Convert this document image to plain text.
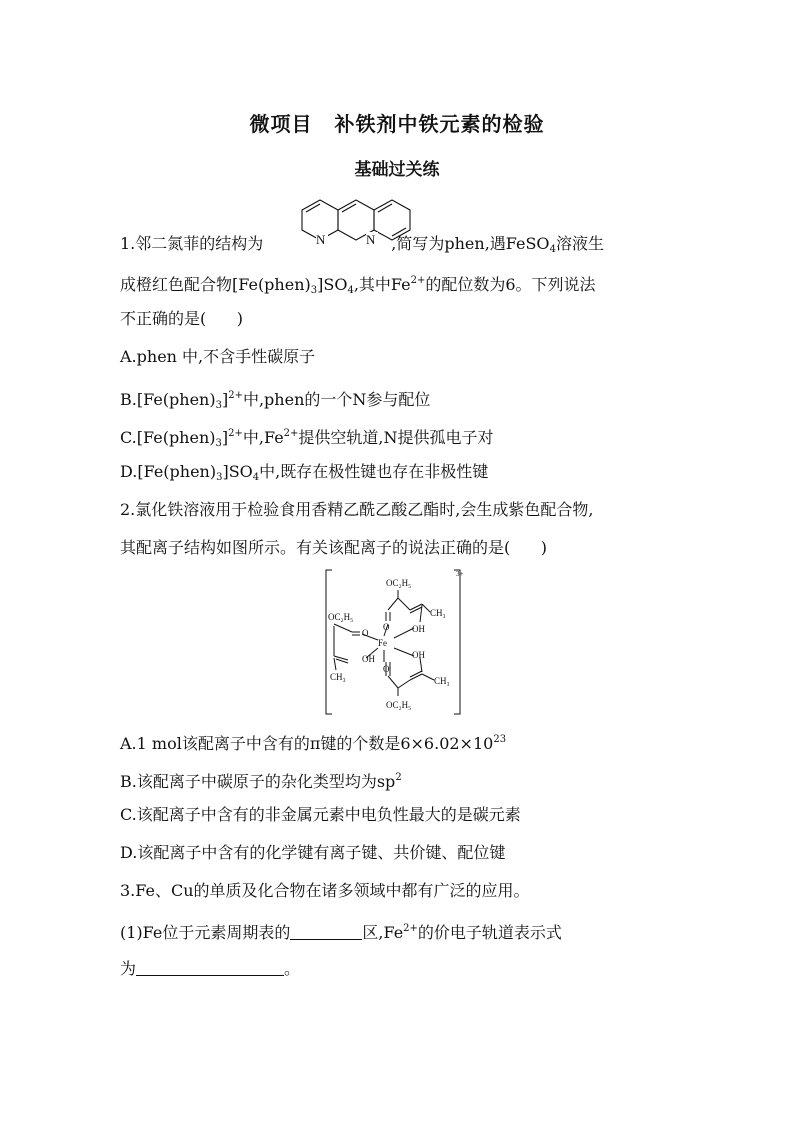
微项目 补铁剂中铁元素的检验
基础过关练
1.邻二氮菲的结构为	,简写为phen,遇FeSO$_4$溶液生
N	N
成橙红色配合物$[Fe(phen)_3]SO_4$,其中$Fe^{2+}$的配位数为6。下列说法
不正确的是(      )
A.phen 中,不含手性碳原子
$B.[Fe(phen)_3]^{2+}$中,phen的一个N参与配位
$C.[Fe(phen)_3]^{2+}$中$,Fe^{2+}$提供空轨道,N提供孤电子对
$D.[Fe(phen)_3]SO_4$中,既存在极性键也存在非极性键
2.氯化铁溶液用于检验食用香精乙酰乙酸乙酯时,会生成紫色配合物,
其配离子结构如图所示。有关该配离子的说法正确的是(      )
3+
Fe
OC₂H₅
OC₂H₅
OC₂H₅
CH₃
CH₃	CH₃
O
O
O
OH
OH	OH
A.1 mol该配离子中含有的π键的个数是$6\times 6.02\times 10^{23}$
B.该配离子中碳原子的杂化类型均为$sp^2$
C.该配离子中含有的非金属元素中电负性最大的是碳元素
D.该配离子中含有的化学键有离子键、共价键、配位键
3.Fe、Cu的单质及化合物在诸多领域中都有广泛的应用。
(1)Fe位于元素周期表的	区$,Fe^{2+}$的价电子轨道表示式
为	。
